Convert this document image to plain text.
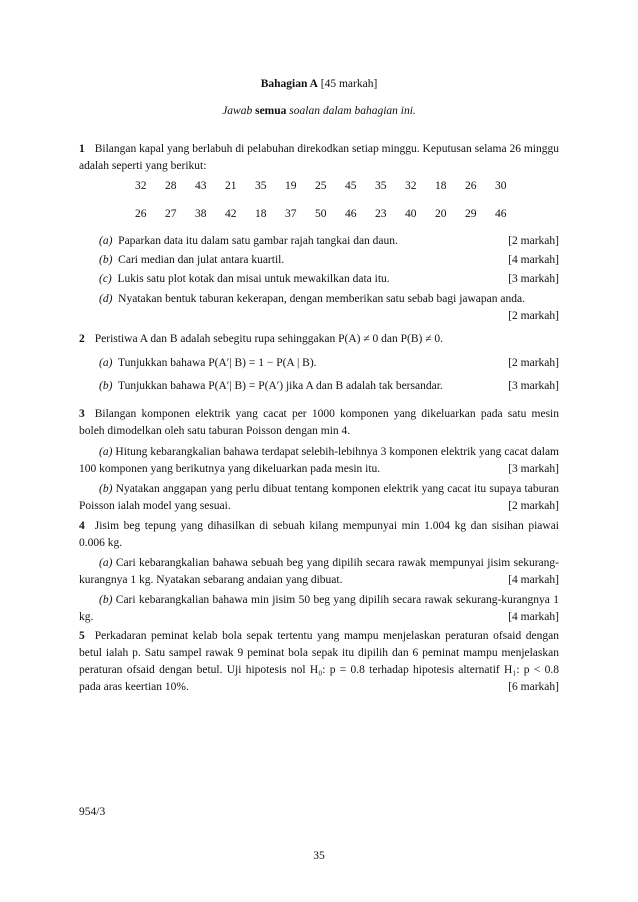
Bahagian A [45 markah]
Jawab semua soalan dalam bahagian ini.
1 Bilangan kapal yang berlabuh di pelabuhan direkodkan setiap minggu. Keputusan selama 26 minggu adalah seperti yang berikut:
32	28	43	21	35	19	25	45	35	32	18	26	30
26	27	38	42	18	37	50	46	23	40	20	29	46
(a) Paparkan data itu dalam satu gambar rajah tangkai dan daun.	[2 markah]
(b) Cari median dan julat antara kuartil.	[4 markah]
(c) Lukis satu plot kotak dan misai untuk mewakilkan data itu.	[3 markah]
(d) Nyatakan bentuk taburan kekerapan, dengan memberikan satu sebab bagi jawapan anda.
[2 markah]
2 Peristiwa A dan B adalah sebegitu rupa sehinggakan P(A) ≠ 0 dan P(B) ≠ 0.
(a) Tunjukkan bahawa P(A′| B) = 1 − P(A | B).	[2 markah]
(b) Tunjukkan bahawa P(A′| B) = P(A′) jika A dan B adalah tak bersandar.	[3 markah]
3 Bilangan komponen elektrik yang cacat per 1000 komponen yang dikeluarkan pada satu mesin boleh dimodelkan oleh satu taburan Poisson dengan min 4.
(a) Hitung kebarangkalian bahawa terdapat selebih-lebihnya 3 komponen elektrik yang cacat dalam 100 komponen yang berikutnya yang dikeluarkan pada mesin itu.	[3 markah]
(b) Nyatakan anggapan yang perlu dibuat tentang komponen elektrik yang cacat itu supaya taburan Poisson ialah model yang sesuai.	[2 markah]
4 Jisim beg tepung yang dihasilkan di sebuah kilang mempunyai min 1.004 kg dan sisihan piawai 0.006 kg.
(a) Cari kebarangkalian bahawa sebuah beg yang dipilih secara rawak mempunyai jisim sekurang-kurangnya 1 kg. Nyatakan sebarang andaian yang dibuat.	[4 markah]
(b) Cari kebarangkalian bahawa min jisim 50 beg yang dipilih secara rawak sekurang-kurangnya 1 kg.	[4 markah]
5 Perkadaran peminat kelab bola sepak tertentu yang mampu menjelaskan peraturan ofsaid dengan betul ialah p. Satu sampel rawak 9 peminat bola sepak itu dipilih dan 6 peminat mampu menjelaskan peraturan ofsaid dengan betul. Uji hipotesis nol H₀: p = 0.8 terhadap hipotesis alternatif H₁: p < 0.8 pada aras keertian 10%.	[6 markah]
954/3
35
